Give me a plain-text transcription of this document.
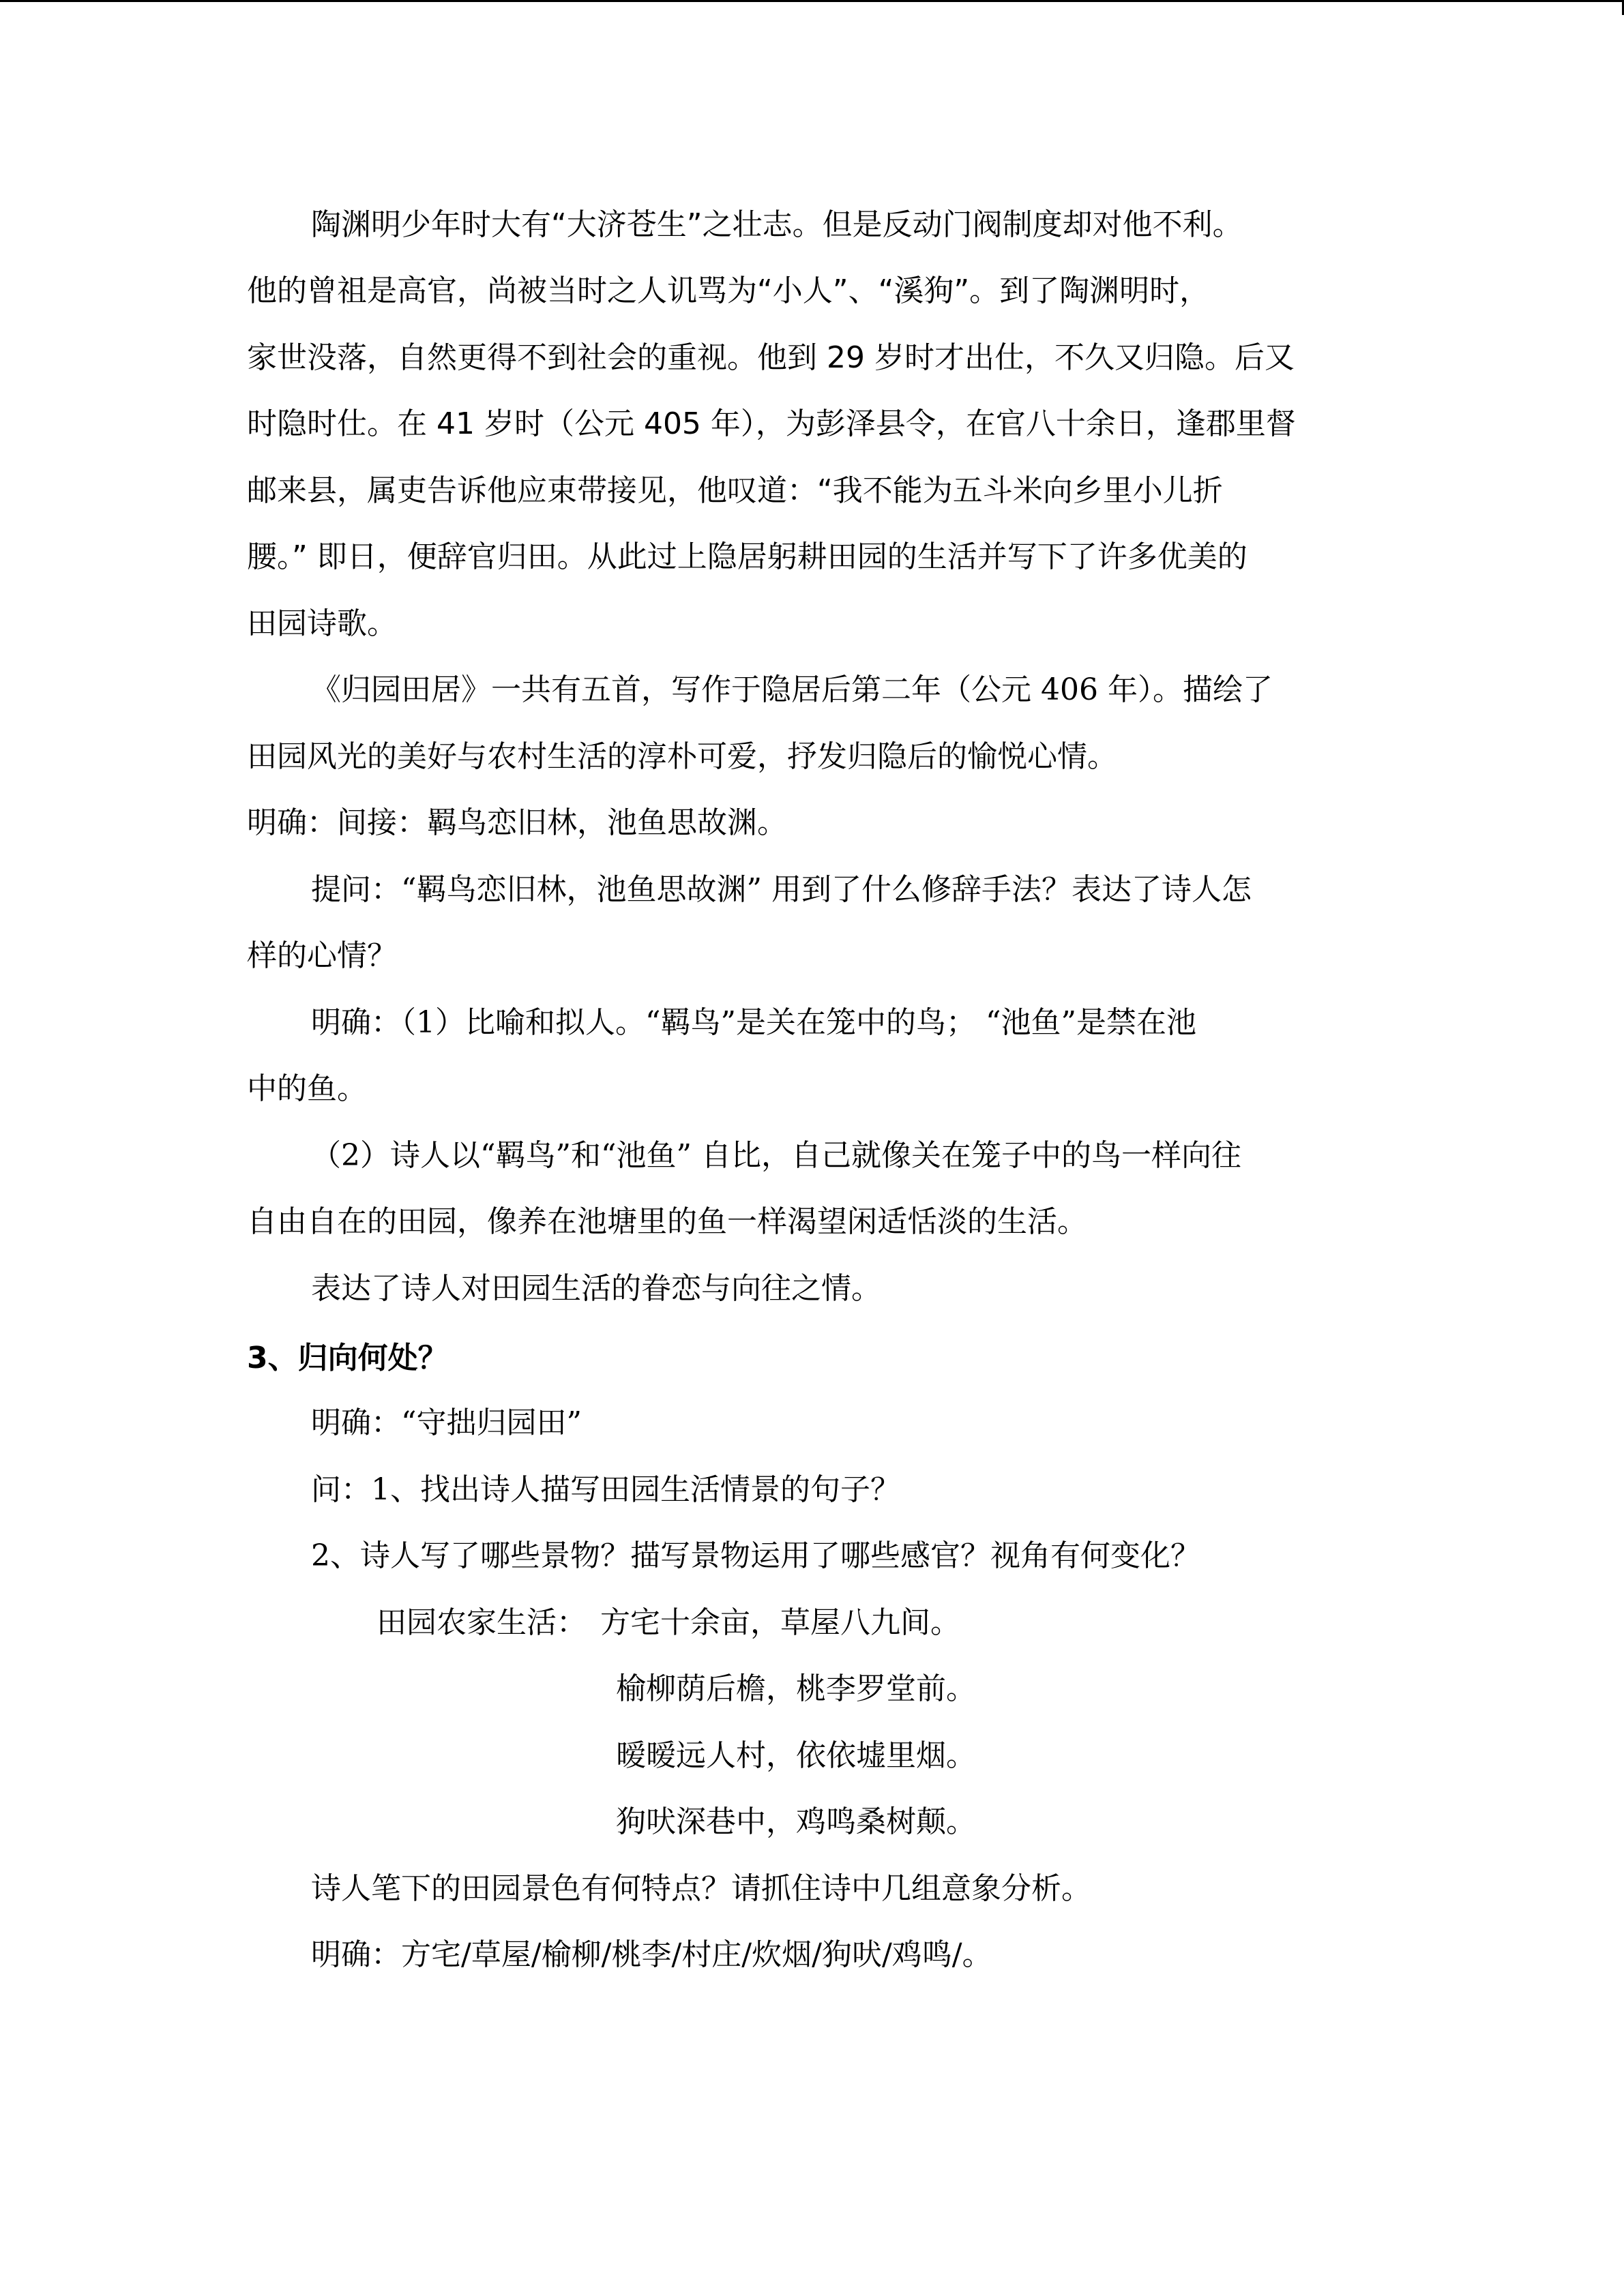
陶渊明少年时大有“大济苍生”之壮志。但是反动门阀制度却对他不利。
他的曾祖是高官，尚被当时之人讥骂为“小人”、“溪狗”。到了陶渊明时，
家世没落，自然更得不到社会的重视。他到 29 岁时才出仕，不久又归隐。后又
时隐时仕。在 41 岁时（公元 405 年），为彭泽县令，在官八十余日，逢郡里督
邮来县，属吏告诉他应束带接见，他叹道：“我不能为五斗米向乡里小儿折
腰。” 即日，便辞官归田。从此过上隐居躬耕田园的生活并写下了许多优美的
田园诗歌。
《归园田居》一共有五首，写作于隐居后第二年（公元 406 年）。描绘了
田园风光的美好与农村生活的淳朴可爱，抒发归隐后的愉悦心情。
明确：间接：羁鸟恋旧林，池鱼思故渊。
提问：“羁鸟恋旧林，池鱼思故渊” 用到了什么修辞手法？表达了诗人怎
样的心情？
明确：（1）比喻和拟人。“羁鸟”是关在笼中的鸟； “池鱼”是禁在池
中的鱼。
（2）诗人以“羁鸟”和“池鱼” 自比，自己就像关在笼子中的鸟一样向往
自由自在的田园，像养在池塘里的鱼一样渴望闲适恬淡的生活。
表达了诗人对田园生活的眷恋与向往之情。
3、归向何处？
明确：“守拙归园田”
问：1、找出诗人描写田园生活情景的句子？
2、诗人写了哪些景物？描写景物运用了哪些感官？视角有何变化？
田园农家生活： 方宅十余亩，草屋八九间。
榆柳荫后檐，桃李罗堂前。
暧暧远人村，依依墟里烟。
狗吠深巷中，鸡鸣桑树颠。
诗人笔下的田园景色有何特点？请抓住诗中几组意象分析。
明确：方宅/草屋/榆柳/桃李/村庄/炊烟/狗吠/鸡鸣/。
